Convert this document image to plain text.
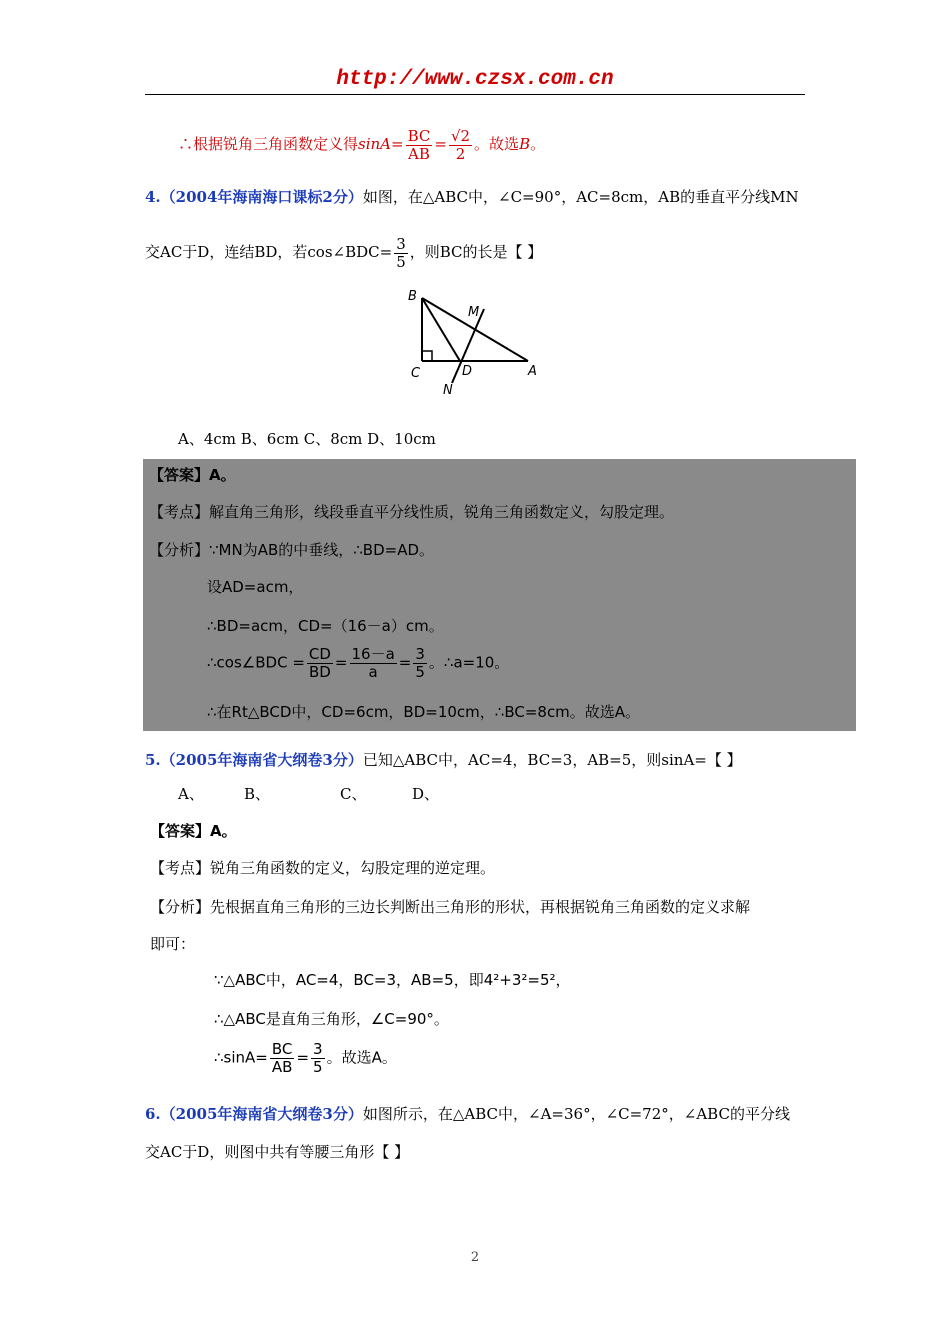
http://www.czsx.com.cn
∴根据锐角三角函数定义得$\sin A= \frac{BC}{AB} = \frac{√2}{2}$ 。故选B。
4.（2004年海南海口课标2分）如图，在△ABC中，∠C=90°，AC=8cm，AB的垂直平分线MN
交AC于D，连结BD，若cos∠BDC= $\frac{3}{5}$ ，则BC的长是【 】
B
M
C	D	A
N
A、4cm B、6cm C、8cm D、10cm
【答案】A。
【考点】解直角三角形，线段垂直平分线性质，锐角三角函数定义，勾股定理。
【分析】∵MN为AB的中垂线，∴BD=AD。
设AD=acm，
∴BD=acm，CD=（16－a）cm。
∴cos∠BDC = $\frac{CD}{BD} = \frac{16-a}{a} = \frac{3}{5}$ 。∴a=10。
∴在Rt△BCD中，CD=6cm，BD=10cm，∴BC=8cm。故选A。
5.（2005年海南省大纲卷3分）已知△ABC中，AC=4，BC=3，AB=5，则sinA=【 】
A、	B、	C、	D、
【答案】A。
【考点】锐角三角函数的定义，勾股定理的逆定理。
【分析】先根据直角三角形的三边长判断出三角形的形状，再根据锐角三角函数的定义求解
即可：
∵△ABC中，AC=4，BC=3，AB=5，即4²+3²=5²，
∴△ABC是直角三角形，∠C=90°。
∴sinA= $\frac{BC}{AB} = \frac{3}{5}$ 。故选A。
6.（2005年海南省大纲卷3分）如图所示，在△ABC中，∠A=36°，∠C=72°，∠ABC的平分线
交AC于D，则图中共有等腰三角形【 】
2
